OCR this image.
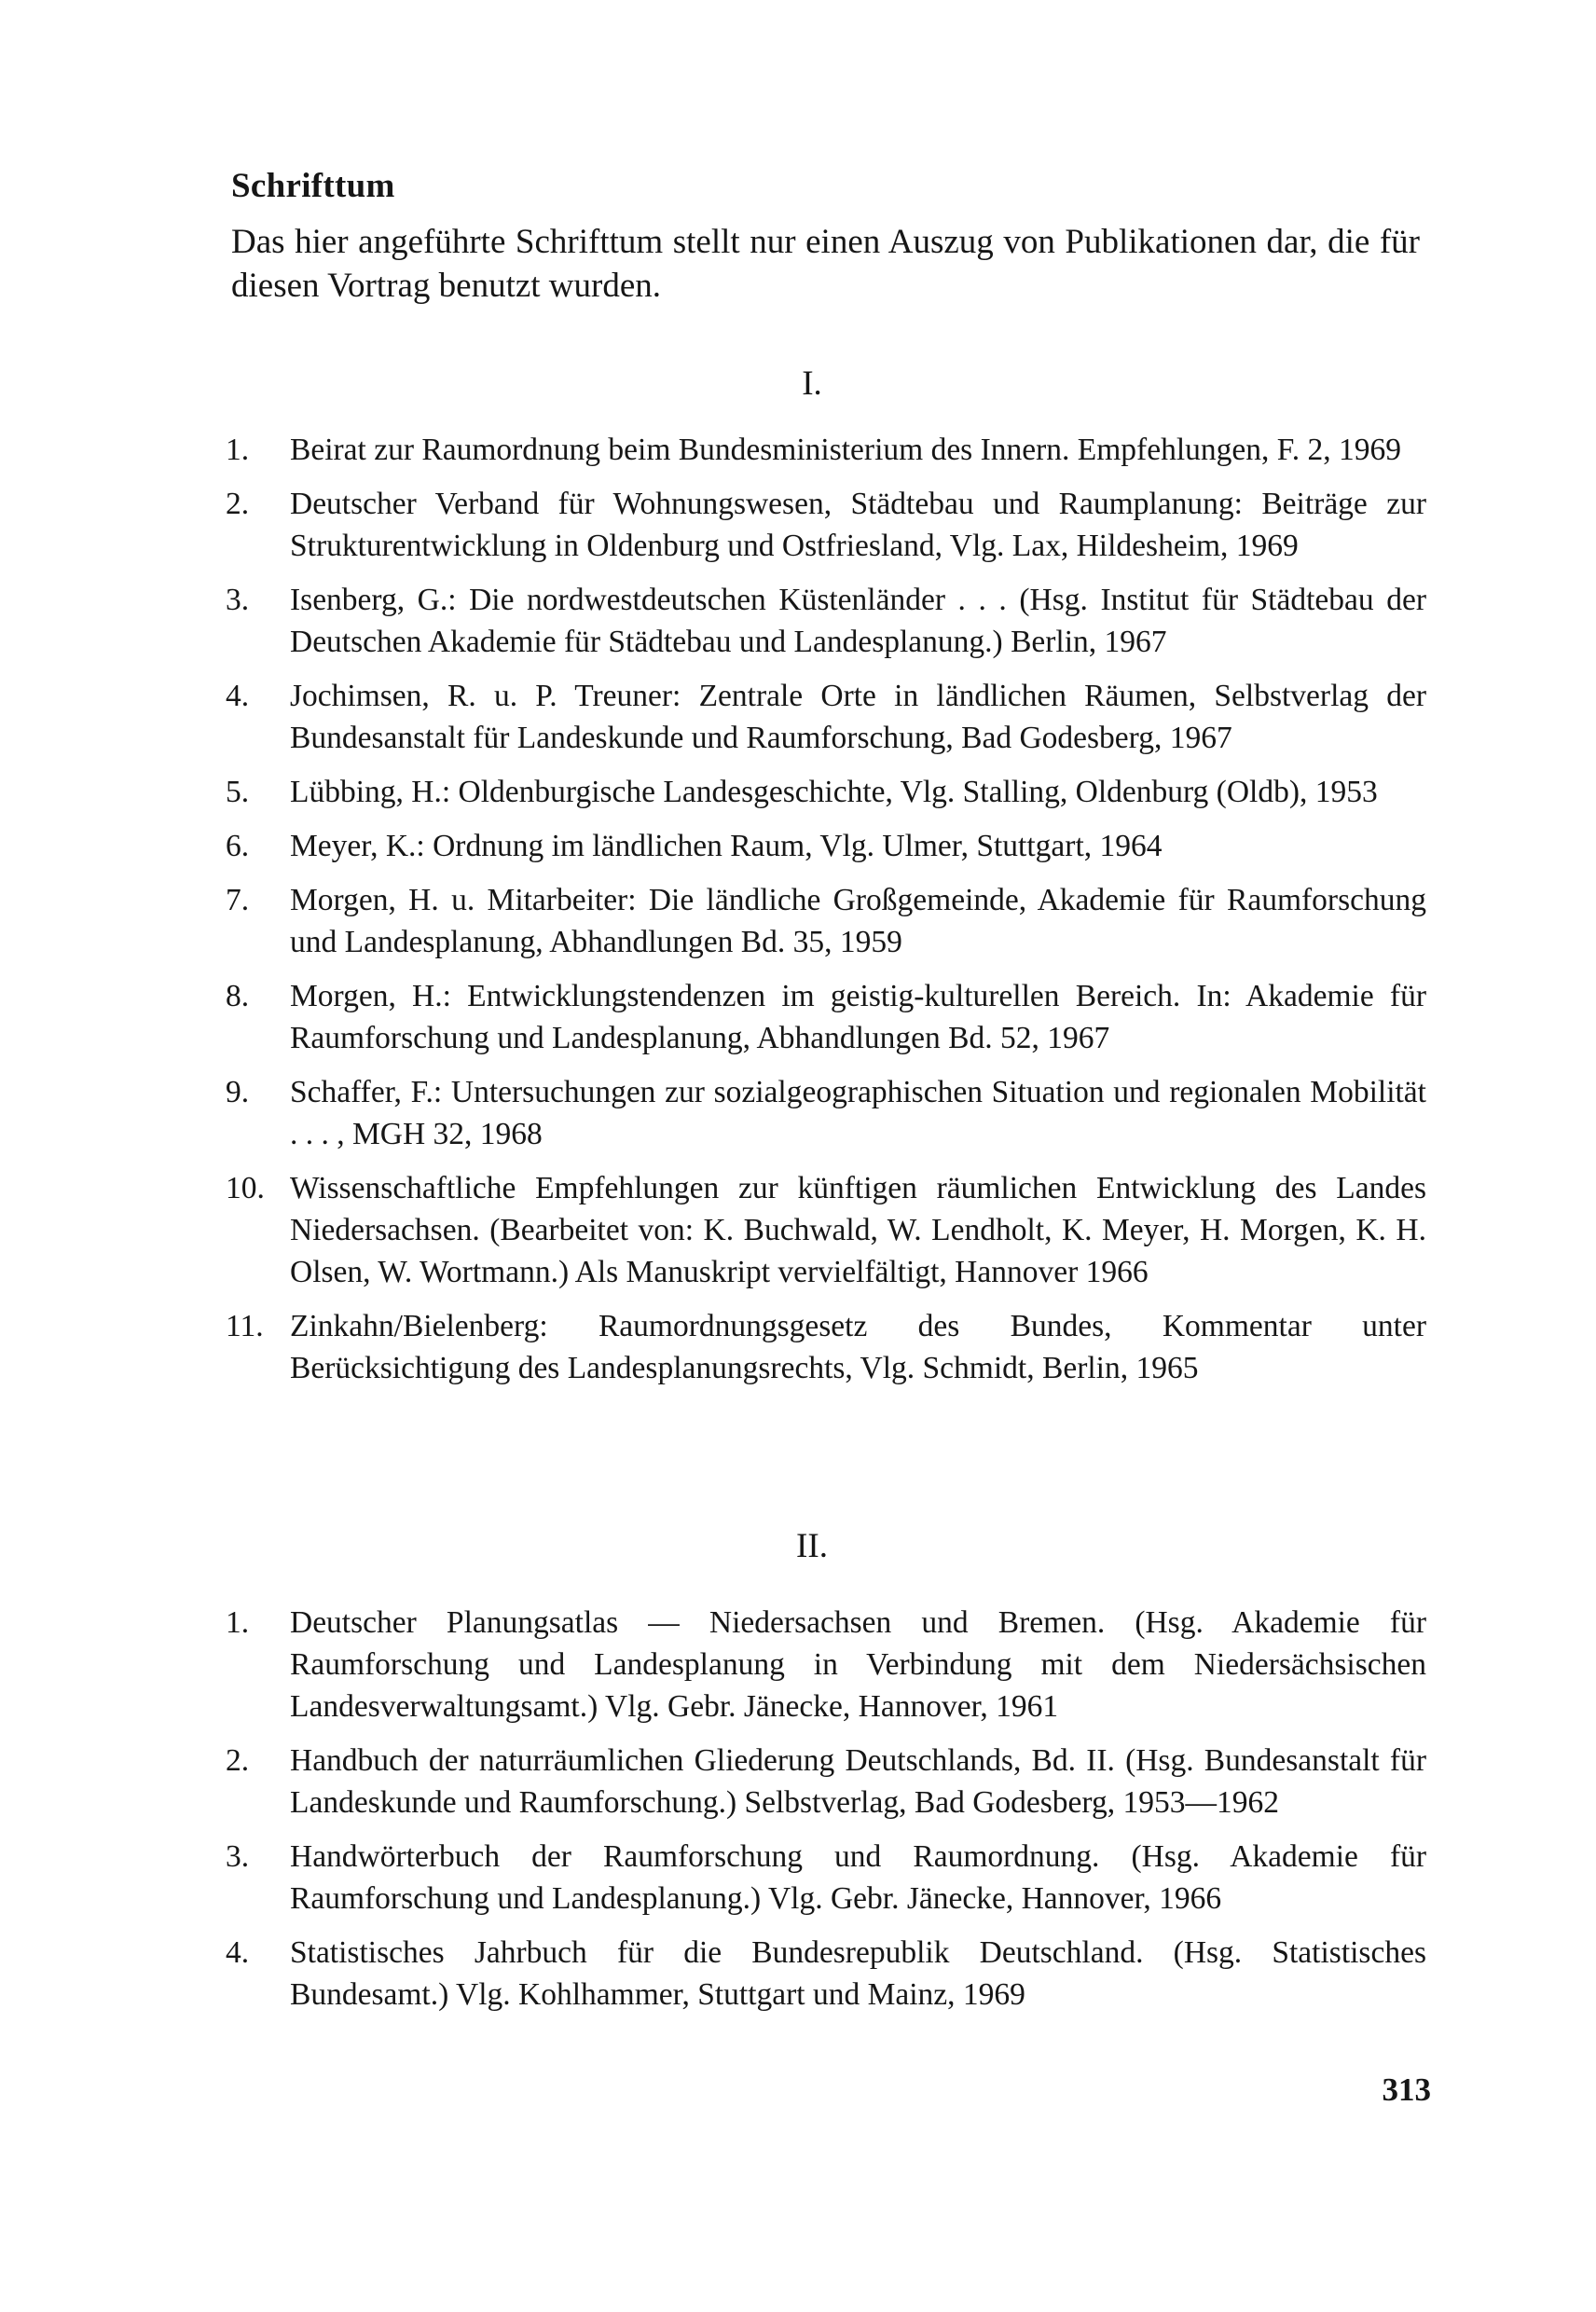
Schrifttum
Das hier angeführte Schrifttum stellt nur einen Auszug von Publikationen dar, die für diesen Vortrag benutzt wurden.
I.
1.	Beirat zur Raumordnung beim Bundesministerium des Innern. Empfehlungen, F. 2, 1969
2.	Deutscher Verband für Wohnungswesen, Städtebau und Raumplanung: Beiträge zur Strukturentwicklung in Oldenburg und Ostfriesland, Vlg. Lax, Hildesheim, 1969
3.	Isenberg, G.: Die nordwestdeutschen Küstenländer . . . (Hsg. Institut für Städtebau der Deutschen Akademie für Städtebau und Landesplanung.) Berlin, 1967
4.	Jochimsen, R. u. P. Treuner: Zentrale Orte in ländlichen Räumen, Selbstverlag der Bundesanstalt für Landeskunde und Raumforschung, Bad Godesberg, 1967
5.	Lübbing, H.: Oldenburgische Landesgeschichte, Vlg. Stalling, Oldenburg (Oldb), 1953
6.	Meyer, K.: Ordnung im ländlichen Raum, Vlg. Ulmer, Stuttgart, 1964
7.	Morgen, H. u. Mitarbeiter: Die ländliche Großgemeinde, Akademie für Raumforschung und Landesplanung, Abhandlungen Bd. 35, 1959
8.	Morgen, H.: Entwicklungstendenzen im geistig-kulturellen Bereich. In: Akademie für Raumforschung und Landesplanung, Abhandlungen Bd. 52, 1967
9.	Schaffer, F.: Untersuchungen zur sozialgeographischen Situation und regionalen Mobilität . . . , MGH 32, 1968
10. Wissenschaftliche Empfehlungen zur künftigen räumlichen Entwicklung des Landes Niedersachsen. (Bearbeitet von: K. Buchwald, W. Lendholt, K. Meyer, H. Morgen, K. H. Olsen, W. Wortmann.) Als Manuskript vervielfältigt, Hannover 1966
11. Zinkahn/Bielenberg: Raumordnungsgesetz des Bundes, Kommentar unter Berücksichtigung des Landesplanungsrechts, Vlg. Schmidt, Berlin, 1965
II.
1.	Deutscher Planungsatlas — Niedersachsen und Bremen. (Hsg. Akademie für Raumforschung und Landesplanung in Verbindung mit dem Niedersächsischen Landesverwaltungsamt.) Vlg. Gebr. Jänecke, Hannover, 1961
2.	Handbuch der naturräumlichen Gliederung Deutschlands, Bd. II. (Hsg. Bundesanstalt für Landeskunde und Raumforschung.) Selbstverlag, Bad Godesberg, 1953—1962
3.	Handwörterbuch der Raumforschung und Raumordnung. (Hsg. Akademie für Raumforschung und Landesplanung.) Vlg. Gebr. Jänecke, Hannover, 1966
4.	Statistisches Jahrbuch für die Bundesrepublik Deutschland. (Hsg. Statistisches Bundesamt.) Vlg. Kohlhammer, Stuttgart und Mainz, 1969
313
